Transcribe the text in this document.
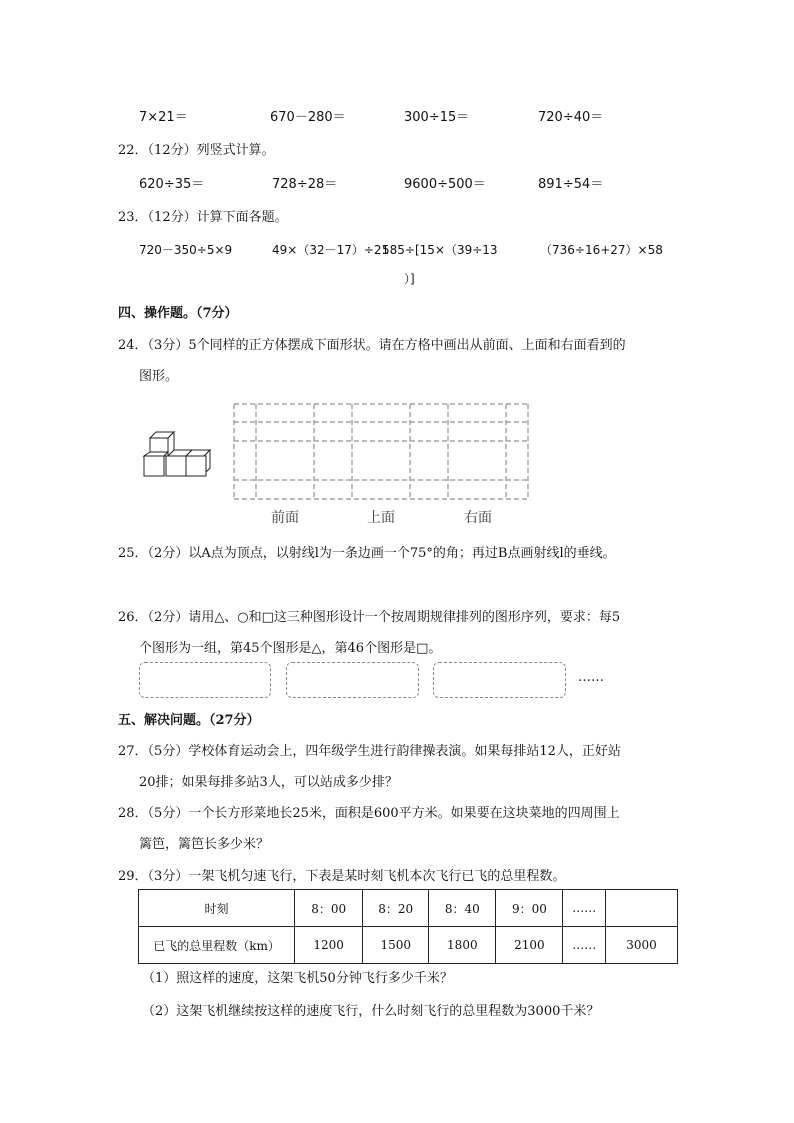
7×21＝	670－280＝	300÷15＝	720÷40＝
22．（12分）列竖式计算。
620÷35＝	728÷28＝	9600÷500＝	891÷54＝
23．（12分）计算下面各题。
720－350÷5×9	49×（32－17）÷21
585÷[15×（39÷13	（736÷16+27）×58
）]
四、操作题。（7分）
24．（3分）5个同样的正方体摆成下面形状。请在方格中画出从前面、上面和右面看到的
图形。
前面	上面	右面
25．（2分）以A点为顶点，以射线l为一条边画一个75°的角；再过B点画射线l的垂线。
26．（2分）请用△、○和□这三种图形设计一个按周期规律排列的图形序列，要求：每5
个图形为一组，第45个图形是△，第46个图形是□。
……
五、解决问题。（27分）
27．（5分）学校体育运动会上，四年级学生进行韵律操表演。如果每排站12人，正好站
20排；如果每排多站3人，可以站成多少排？
28．（5分）一个长方形菜地长25米，面积是600平方米。如果要在这块菜地的四周围上
篱笆，篱笆长多少米？
29．（3分）一架飞机匀速飞行，下表是某时刻飞机本次飞行已飞的总里程数。
时刻	8：00	8：20	8：40	9：00	……	
已飞的总里程数（km）	1200	1500	1800	2100	……	3000
（1）照这样的速度，这架飞机50分钟飞行多少千米？
（2）这架飞机继续按这样的速度飞行，什么时刻飞行的总里程数为3000千米？
